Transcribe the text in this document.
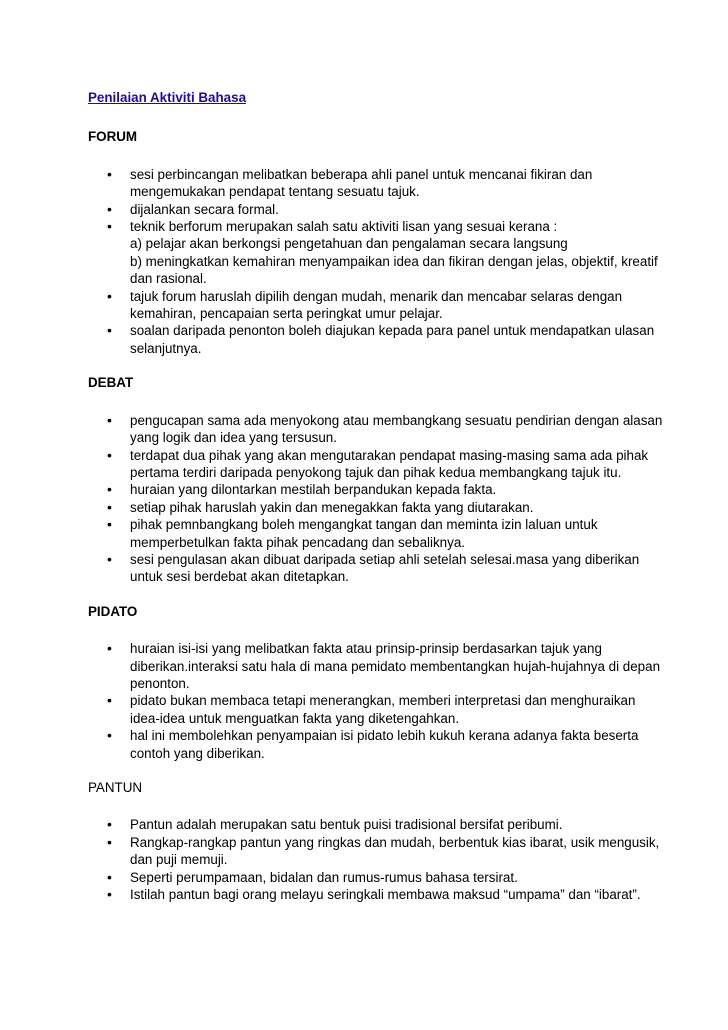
Penilaian Aktiviti Bahasa
FORUM
• sesi perbincangan melibatkan beberapa ahli panel untuk mencanai fikiran dan mengemukakan pendapat tentang sesuatu tajuk.
• dijalankan secara formal.
• teknik berforum merupakan salah satu aktiviti lisan yang sesuai kerana :
a) pelajar akan berkongsi pengetahuan dan pengalaman secara langsung
b) meningkatkan kemahiran menyampaikan idea dan fikiran dengan jelas, objektif, kreatif dan rasional.
• tajuk forum haruslah dipilih dengan mudah, menarik dan mencabar selaras dengan kemahiran, pencapaian serta peringkat umur pelajar.
• soalan daripada penonton boleh diajukan kepada para panel untuk mendapatkan ulasan selanjutnya.
DEBAT
• pengucapan sama ada menyokong atau membangkang sesuatu pendirian dengan alasan yang logik dan idea yang tersusun.
• terdapat dua pihak yang akan mengutarakan pendapat masing-masing sama ada pihak pertama terdiri daripada penyokong tajuk dan pihak kedua membangkang tajuk itu.
• huraian yang dilontarkan mestilah berpandukan kepada fakta.
• setiap pihak haruslah yakin dan menegakkan fakta yang diutarakan.
• pihak pemnbangkang boleh mengangkat tangan dan meminta izin laluan untuk memperbetulkan fakta pihak pencadang dan sebaliknya.
• sesi pengulasan akan dibuat daripada setiap ahli setelah selesai.masa yang diberikan untuk sesi berdebat akan ditetapkan.
PIDATO
• huraian isi-isi yang melibatkan fakta atau prinsip-prinsip berdasarkan tajuk yang diberikan.interaksi satu hala di mana pemidato membentangkan hujah-hujahnya di depan penonton.
• pidato bukan membaca tetapi menerangkan, memberi interpretasi dan menghuraikan idea-idea untuk menguatkan fakta yang diketengahkan.
• hal ini membolehkan penyampaian isi pidato lebih kukuh kerana adanya fakta beserta contoh yang diberikan.
PANTUN
• Pantun adalah merupakan satu bentuk puisi tradisional bersifat peribumi.
• Rangkap-rangkap pantun yang ringkas dan mudah, berbentuk kias ibarat, usik mengusik, dan puji memuji.
• Seperti perumpamaan, bidalan dan rumus-rumus bahasa tersirat.
• Istilah pantun bagi orang melayu seringkali membawa maksud “umpama” dan “ibarat”.
